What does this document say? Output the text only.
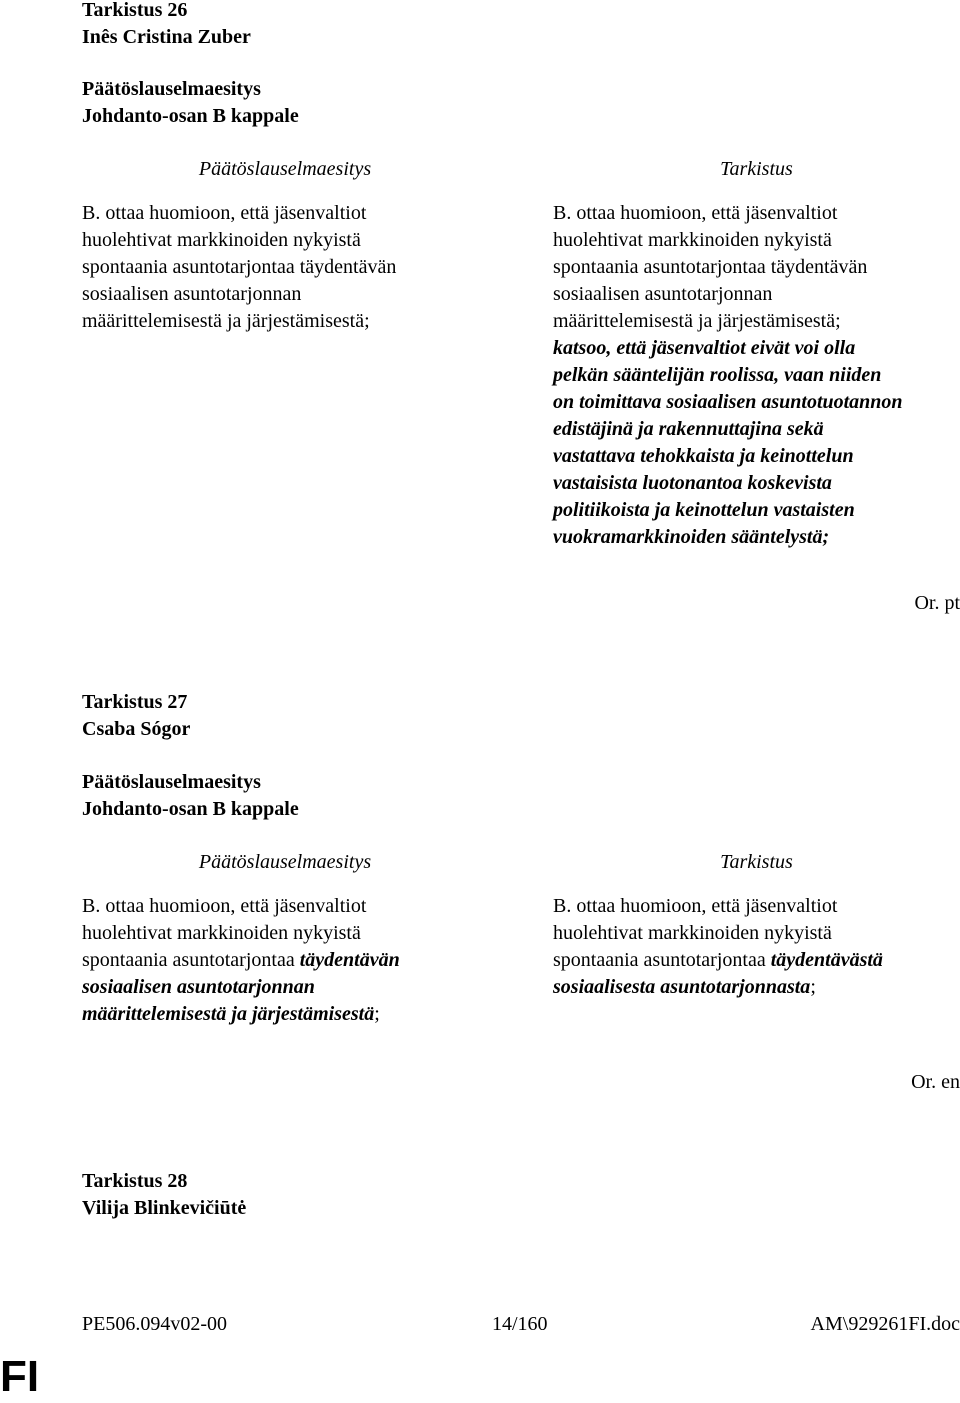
Tarkistus 26
Inês Cristina Zuber
Päätöslauselmaesitys
Johdanto-osan B kappale

Päätöslauselmaesitys

B. ottaa huomioon, että jäsenvaltiot

huolehtivat markkinoiden nykyistä

spontaania asuntotarjontaa täydentävän

sosiaalisen asuntotarjonnan

määrittelemisestä ja järjestämisestä;

Tarkistus

B. ottaa huomioon, että jäsenvaltiot

huolehtivat markkinoiden nykyistä

spontaania asuntotarjontaa täydentävän

sosiaalisen asuntotarjonnan

määrittelemisestä ja järjestämisestä;

katsoo, että jäsenvaltiot eivät voi olla

pelkän sääntelijän roolissa, vaan niiden

on toimittava sosiaalisen asuntotuotannon

edistäjinä ja rakennuttajina sekä

vastattava tehokkaista ja keinottelun

vastaisista luotonantoa koskevista

politiikoista ja keinottelun vastaisten

vuokramarkkinoiden sääntelystä;

Or. pt
Tarkistus 27
Csaba Sógor
Päätöslauselmaesitys
Johdanto-osan B kappale

Päätöslauselmaesitys

B. ottaa huomioon, että jäsenvaltiot

huolehtivat markkinoiden nykyistä

spontaania asuntotarjontaa täydentävän

sosiaalisen asuntotarjonnan

määrittelemisestä ja järjestämisestä;

Tarkistus

B. ottaa huomioon, että jäsenvaltiot

huolehtivat markkinoiden nykyistä

spontaania asuntotarjontaa täydentävästä

sosiaalisesta asuntotarjonnasta;

Or. en
Tarkistus 28
Vilija Blinkevičiūtė
PE506.094v02-00	14/160	AM\929261FI.doc
FI
